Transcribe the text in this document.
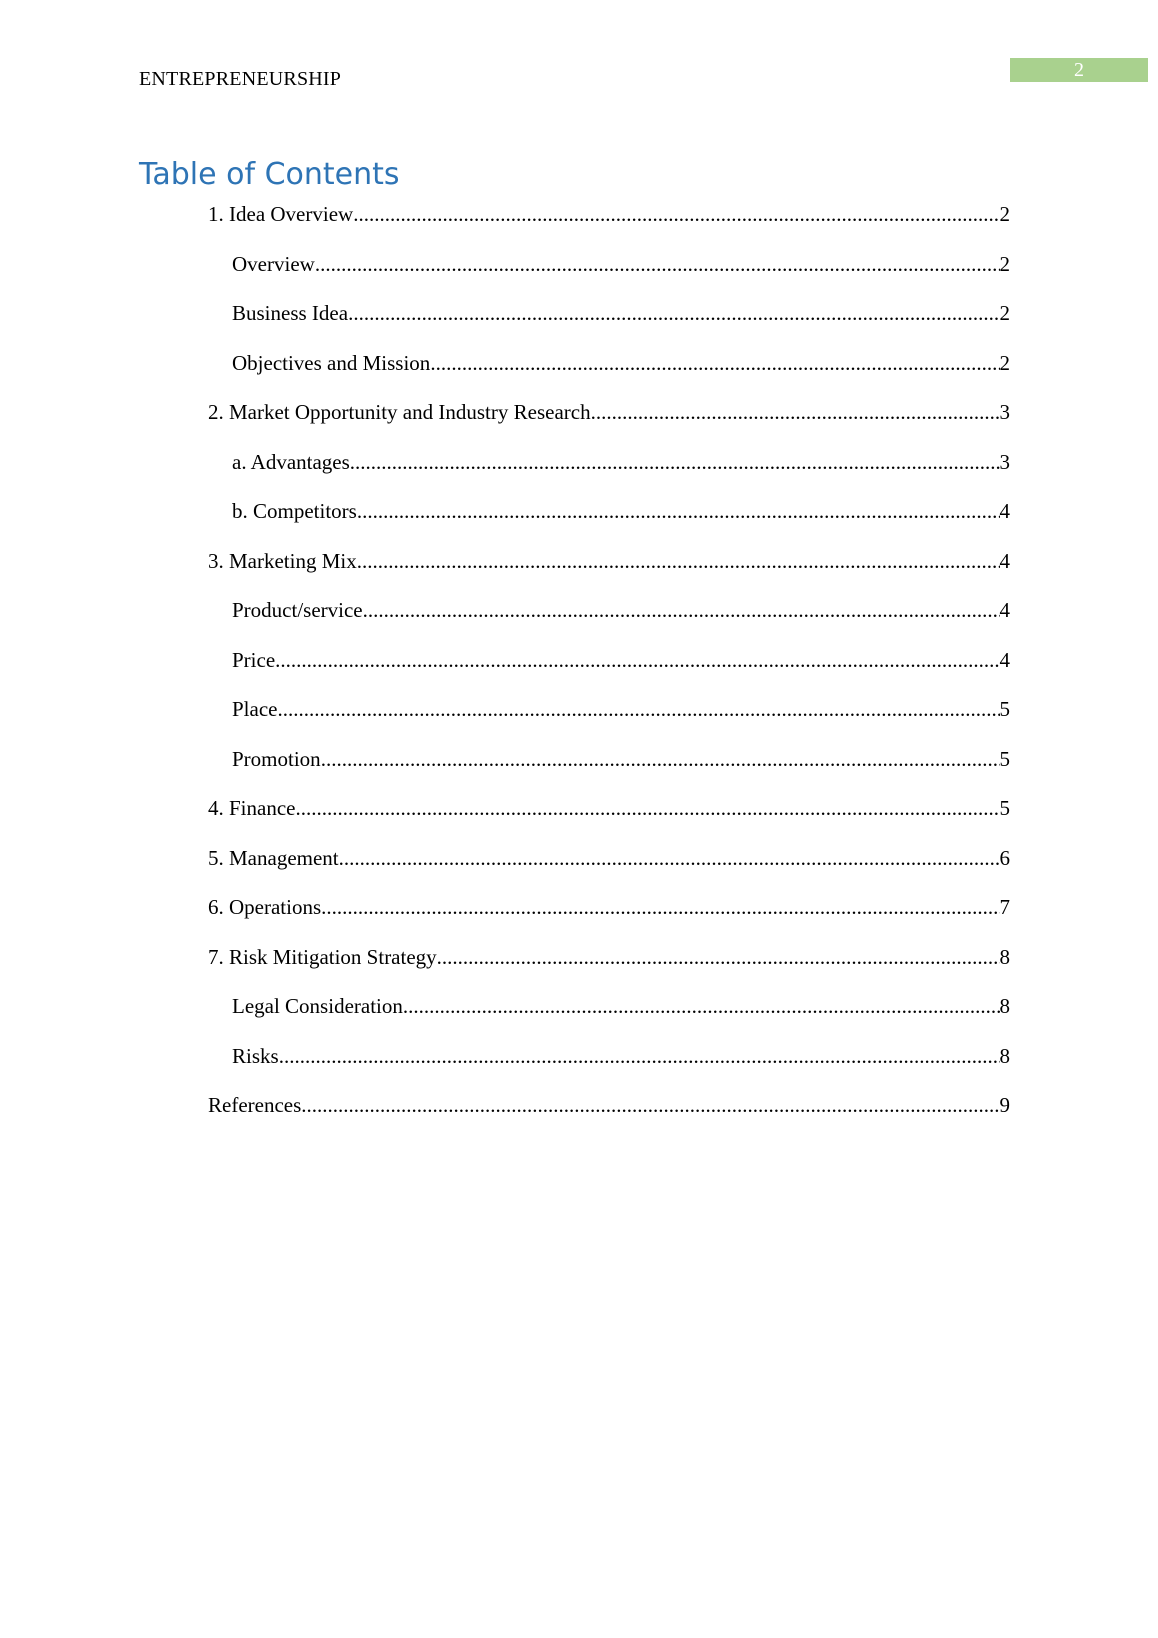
2
ENTREPRENEURSHIP
Table of Contents
1. Idea Overview .....	2
Overview .....	2
Business Idea .....	2
Objectives and Mission .....	2
2. Market Opportunity and Industry Research .....	3
a. Advantages .....	3
b. Competitors .....	4
3. Marketing Mix .....	4
Product/service .....	4
Price .....	4
Place .....	5
Promotion .....	5
4. Finance .....	5
5. Management .....	6
6. Operations .....	7
7. Risk Mitigation Strategy .....	8
Legal Consideration .....	8
Risks .....	8
References .....	9
